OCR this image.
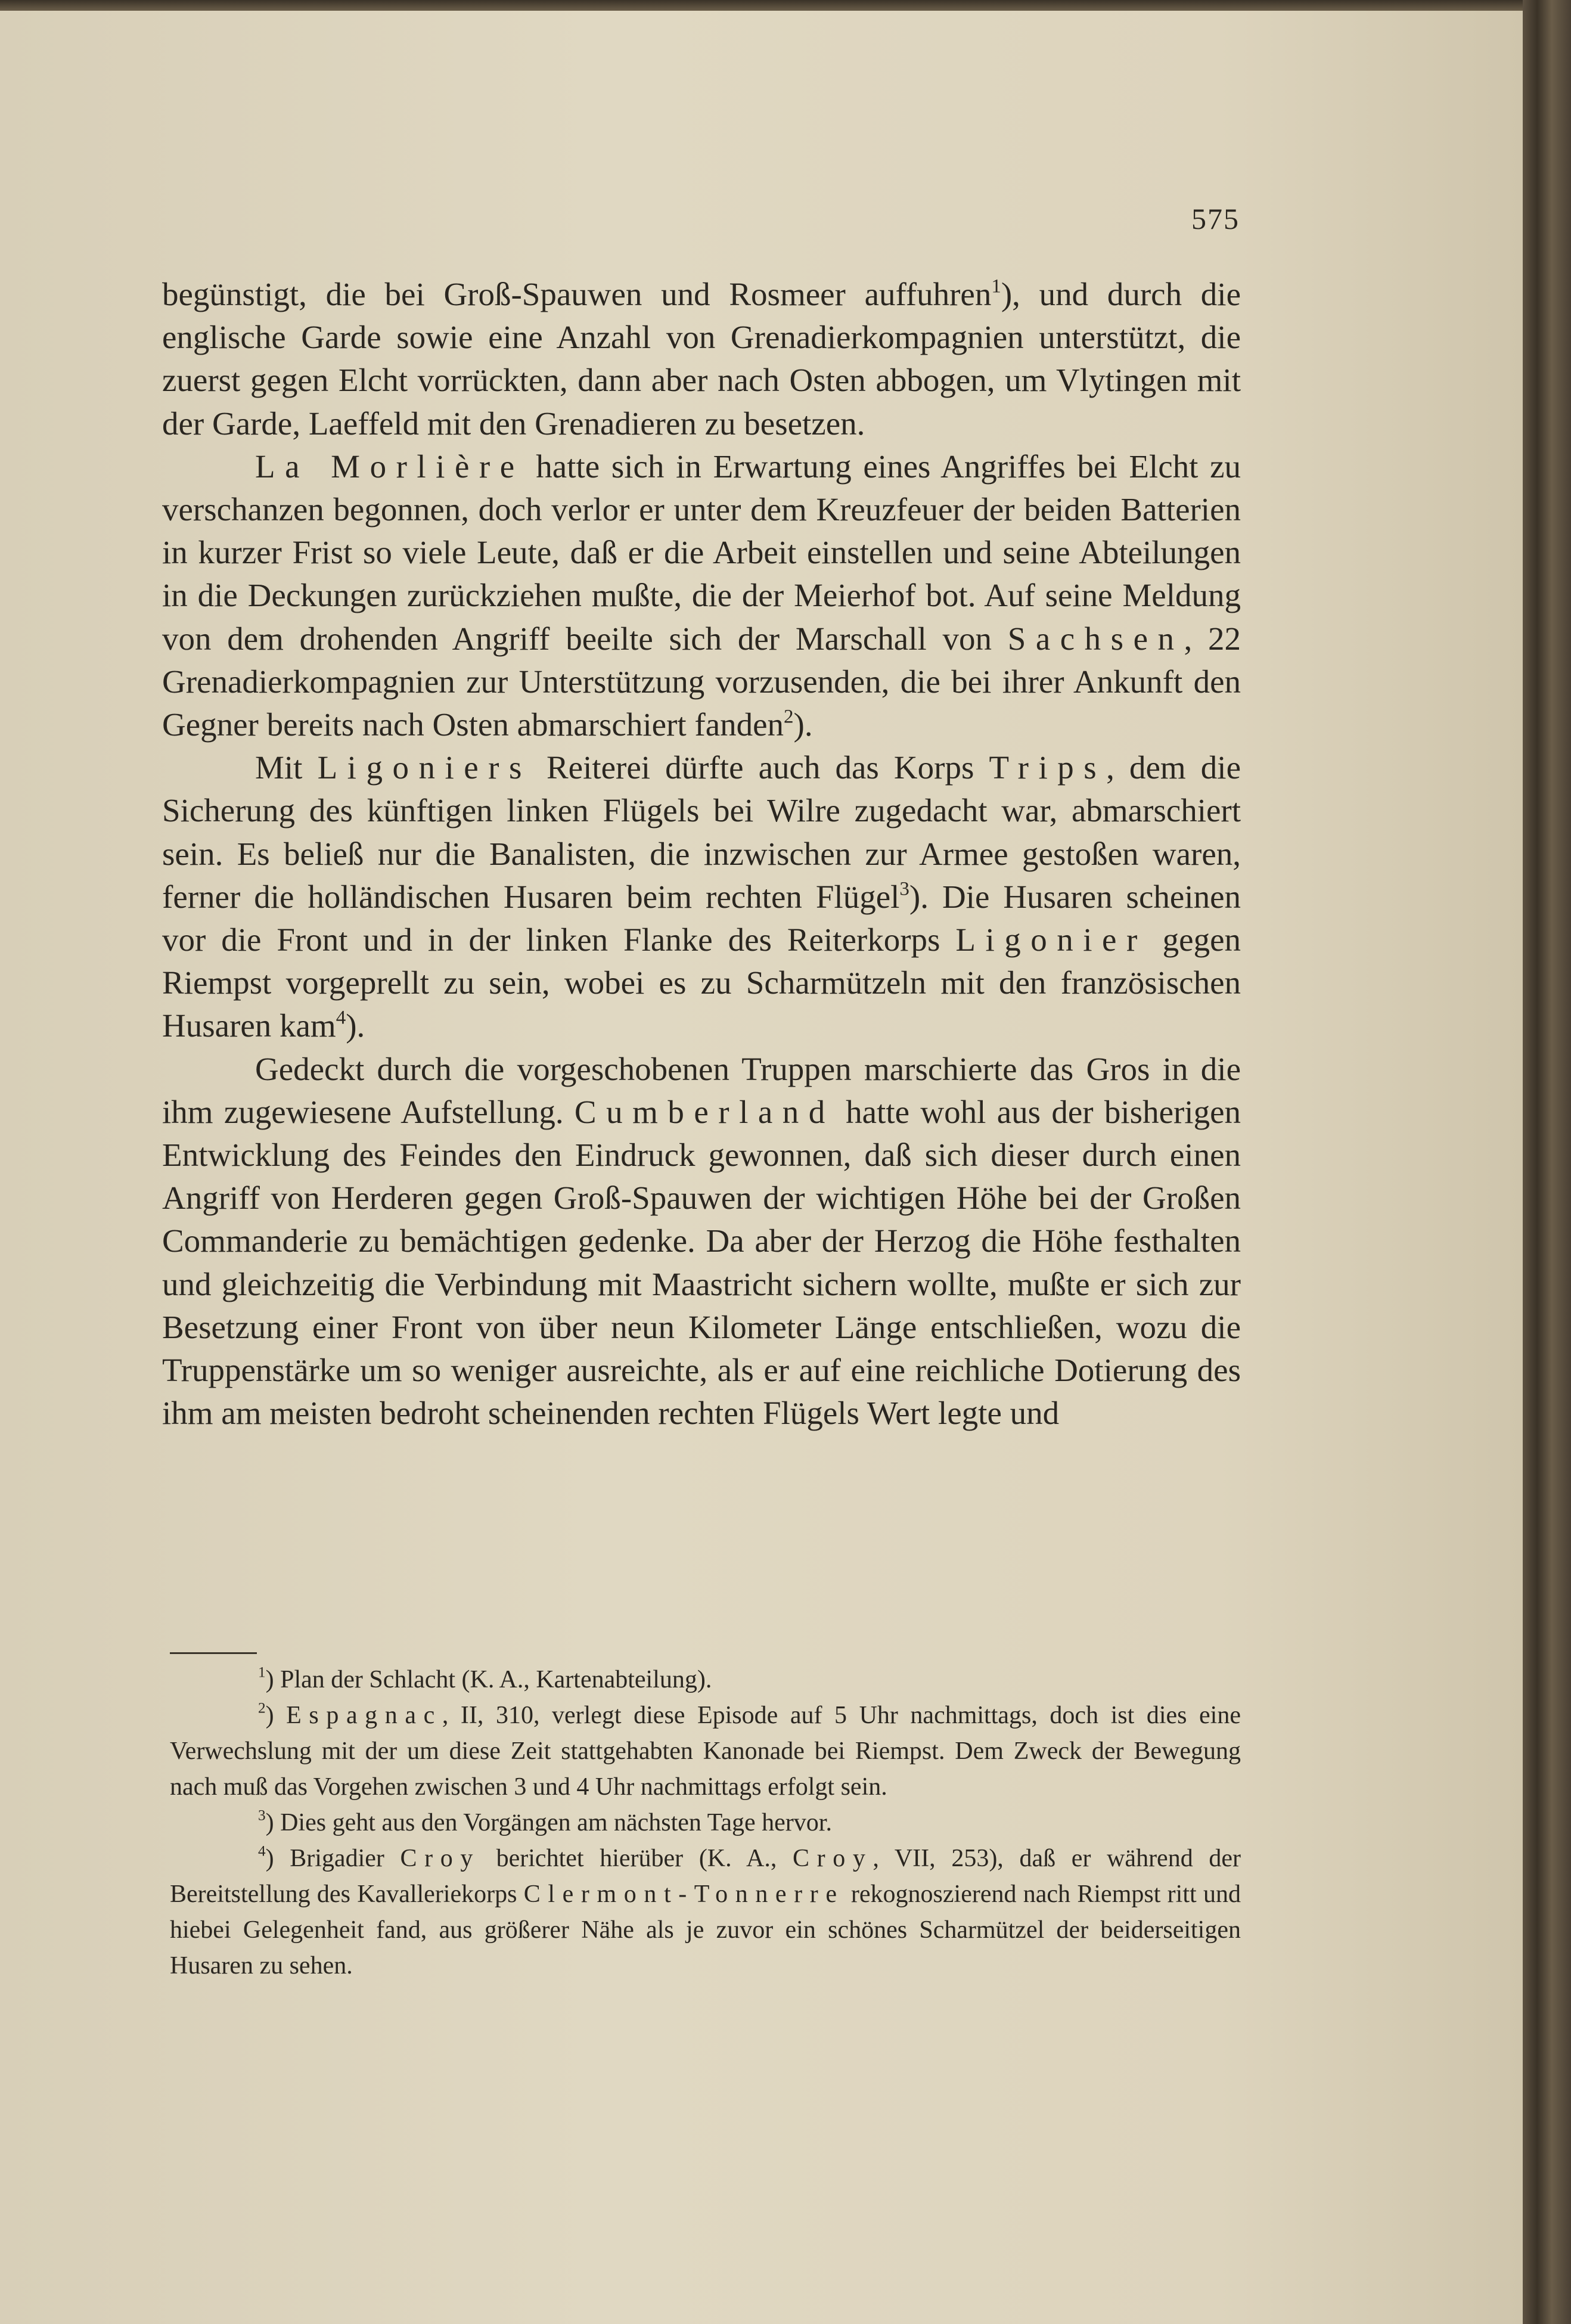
575

begünstigt, die bei Groß-Spauwen und Rosmeer auffuhren$^1$), und durch die englische Garde sowie eine Anzahl von Grenadierkompagnien unterstützt, die zuerst gegen Elcht vorrückten, dann aber nach Osten abbogen, um Vlytingen mit der Garde, Laeffeld mit den Grenadieren zu besetzen.

La Morlière hatte sich in Erwartung eines Angriffes bei Elcht zu verschanzen begonnen, doch verlor er unter dem Kreuzfeuer der beiden Batterien in kurzer Frist so viele Leute, daß er die Arbeit einstellen und seine Abteilungen in die Deckungen zurückziehen mußte, die der Meierhof bot. Auf seine Meldung von dem drohenden Angriff beeilte sich der Marschall von Sachsen, 22 Grenadierkompagnien zur Unterstützung vorzusenden, die bei ihrer Ankunft den Gegner bereits nach Osten abmarschiert fanden$^2$).

Mit Ligoniers Reiterei dürfte auch das Korps Trips, dem die Sicherung des künftigen linken Flügels bei Wilre zugedacht war, abmarschiert sein. Es beließ nur die Banalisten, die inzwischen zur Armee gestoßen waren, ferner die holländischen Husaren beim rechten Flügel$^3$). Die Husaren scheinen vor die Front und in der linken Flanke des Reiterkorps Ligonier gegen Riempst vorgeprellt zu sein, wobei es zu Scharmützeln mit den französischen Husaren kam$^4$).

Gedeckt durch die vorgeschobenen Truppen marschierte das Gros in die ihm zugewiesene Aufstellung. Cumberland hatte wohl aus der bisherigen Entwicklung des Feindes den Eindruck gewonnen, daß sich dieser durch einen Angriff von Herderen gegen Groß-Spauwen der wichtigen Höhe bei der Großen Commanderie zu bemächtigen gedenke. Da aber der Herzog die Höhe festhalten und gleichzeitig die Verbindung mit Maastricht sichern wollte, mußte er sich zur Besetzung einer Front von über neun Kilometer Länge entschließen, wozu die Truppenstärke um so weniger ausreichte, als er auf eine reichliche Dotierung des ihm am meisten bedroht scheinenden rechten Flügels Wert legte und

$^1$) Plan der Schlacht (K. A., Kartenabteilung).
$^2$) Espagnac, II, 310, verlegt diese Episode auf 5 Uhr nachmittags, doch ist dies eine Verwechslung mit der um diese Zeit stattgehabten Kanonade bei Riempst. Dem Zweck der Bewegung nach muß das Vorgehen zwischen 3 und 4 Uhr nachmittags erfolgt sein.
$^3$) Dies geht aus den Vorgängen am nächsten Tage hervor.
$^4$) Brigadier Croy berichtet hierüber (K. A., Croy, VII, 253), daß er während der Bereitstellung des Kavalleriekorps Clermont-Tonnerre rekognoszierend nach Riempst ritt und hiebei Gelegenheit fand, aus größerer Nähe als je zuvor ein schönes Scharmützel der beiderseitigen Husaren zu sehen.
